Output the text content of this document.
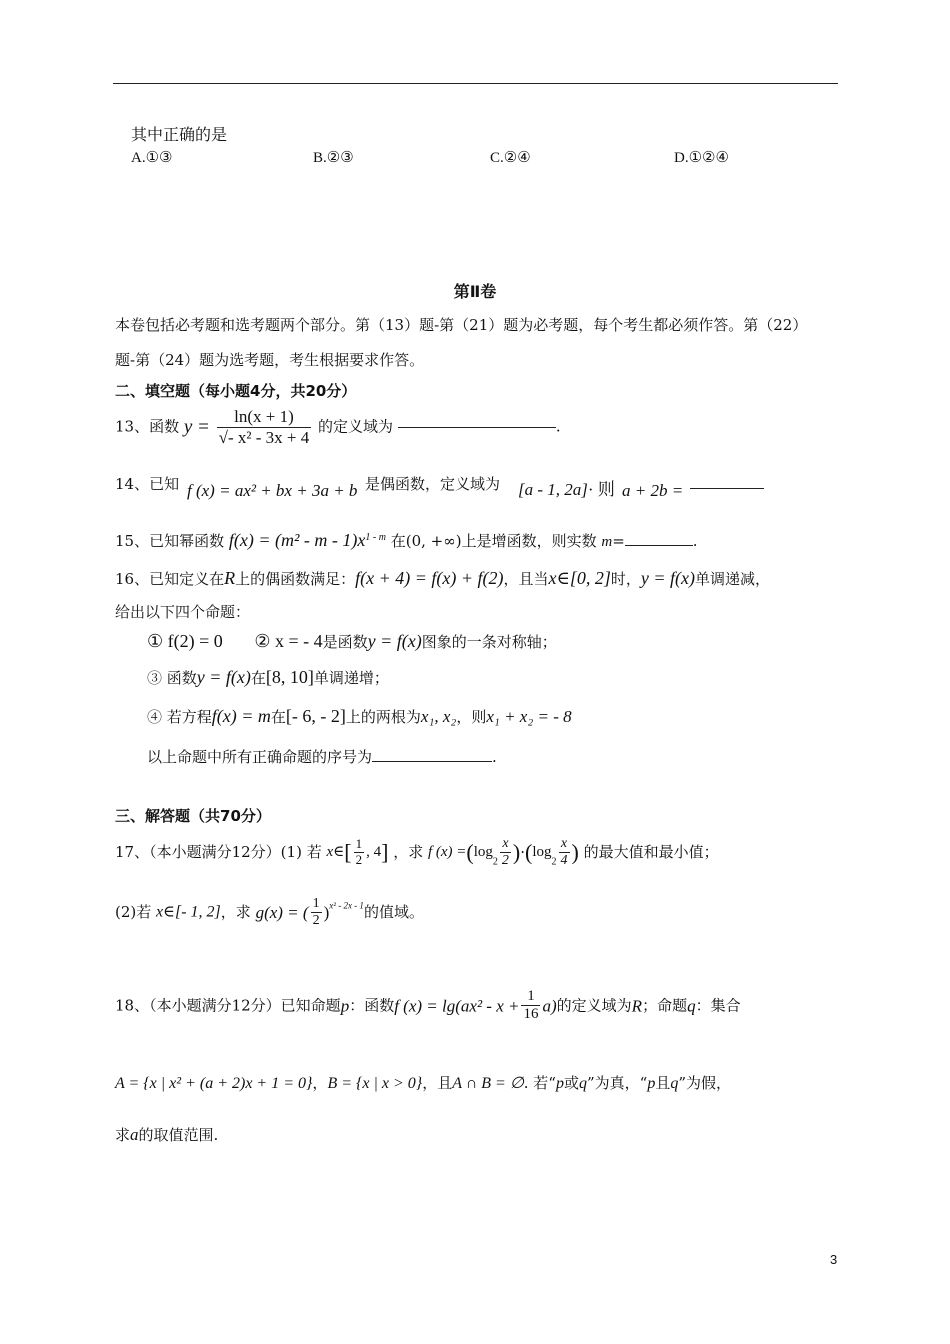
其中正确的是
A.①③	B.②③	C.②④	D.①②④
第Ⅱ卷
本卷包括必考题和选考题两个部分。第（13）题-第（21）题为必考题，每个考生都必须作答。第（22）
题-第（24）题为选考题，考生根据要求作答。
二、填空题（每小题4分，共20分）
13、函数 $y = \frac{\ln(x + 1)}{\text{√- x² - 3x + 4}}$ 的定义域为	.
14、已知 f (x) = ax² + bx + 3a + b 是偶函数，定义域为 [a - 1, 2a]· 则 a + 2b =
15、已知幂函数 $f(x) = (m^2 - m - 1)x^{1 - m}$ 在(0, +∞)上是增函数，则实数 m=	.
16、已知定义在R上的偶函数满足：f(x + 4) = f(x) + f(2)，且当x∈[0, 2]时，y = f(x)单调递减，
给出以下四个命题：
① f(2) = 0 ② x = - 4是函数y = f(x)图象的一条对称轴；
③ 函数y = f(x)在[8, 10]单调递增；
④ 若方程f(x) = m在[- 6, - 2]上的两根为x₁, x₂，则x₁ + x₂ = - 8
以上命题中所有正确命题的序号为	.
三、解答题（共70分）
17、（本小题满分12分）(1) 若 x∈[ $\frac{1}{2}$ , 4] ，求 f $(x) =(\log_2 \frac{x}{2} )\cdot(\log_2 \frac{x}{4}$ ) 的最大值和最小值；
(2)若 x∈[- 1, 2]，求 g(x) = ( $\frac{1}{2} )^{x^2 - 2x - 1}$的值域。
18、（本小题满分12分）已知命题p：函数f $(x) = \lg(ax^2 - x + \frac{1}{16} a)$的定义域为R；命题q：集合
A = {x | x² + (a + 2)x + 1 = 0}，B = {x | x > 0}，且A ∩ B = ∅. 若“p或q”为真，“p且q”为假，
求a的取值范围.
3
